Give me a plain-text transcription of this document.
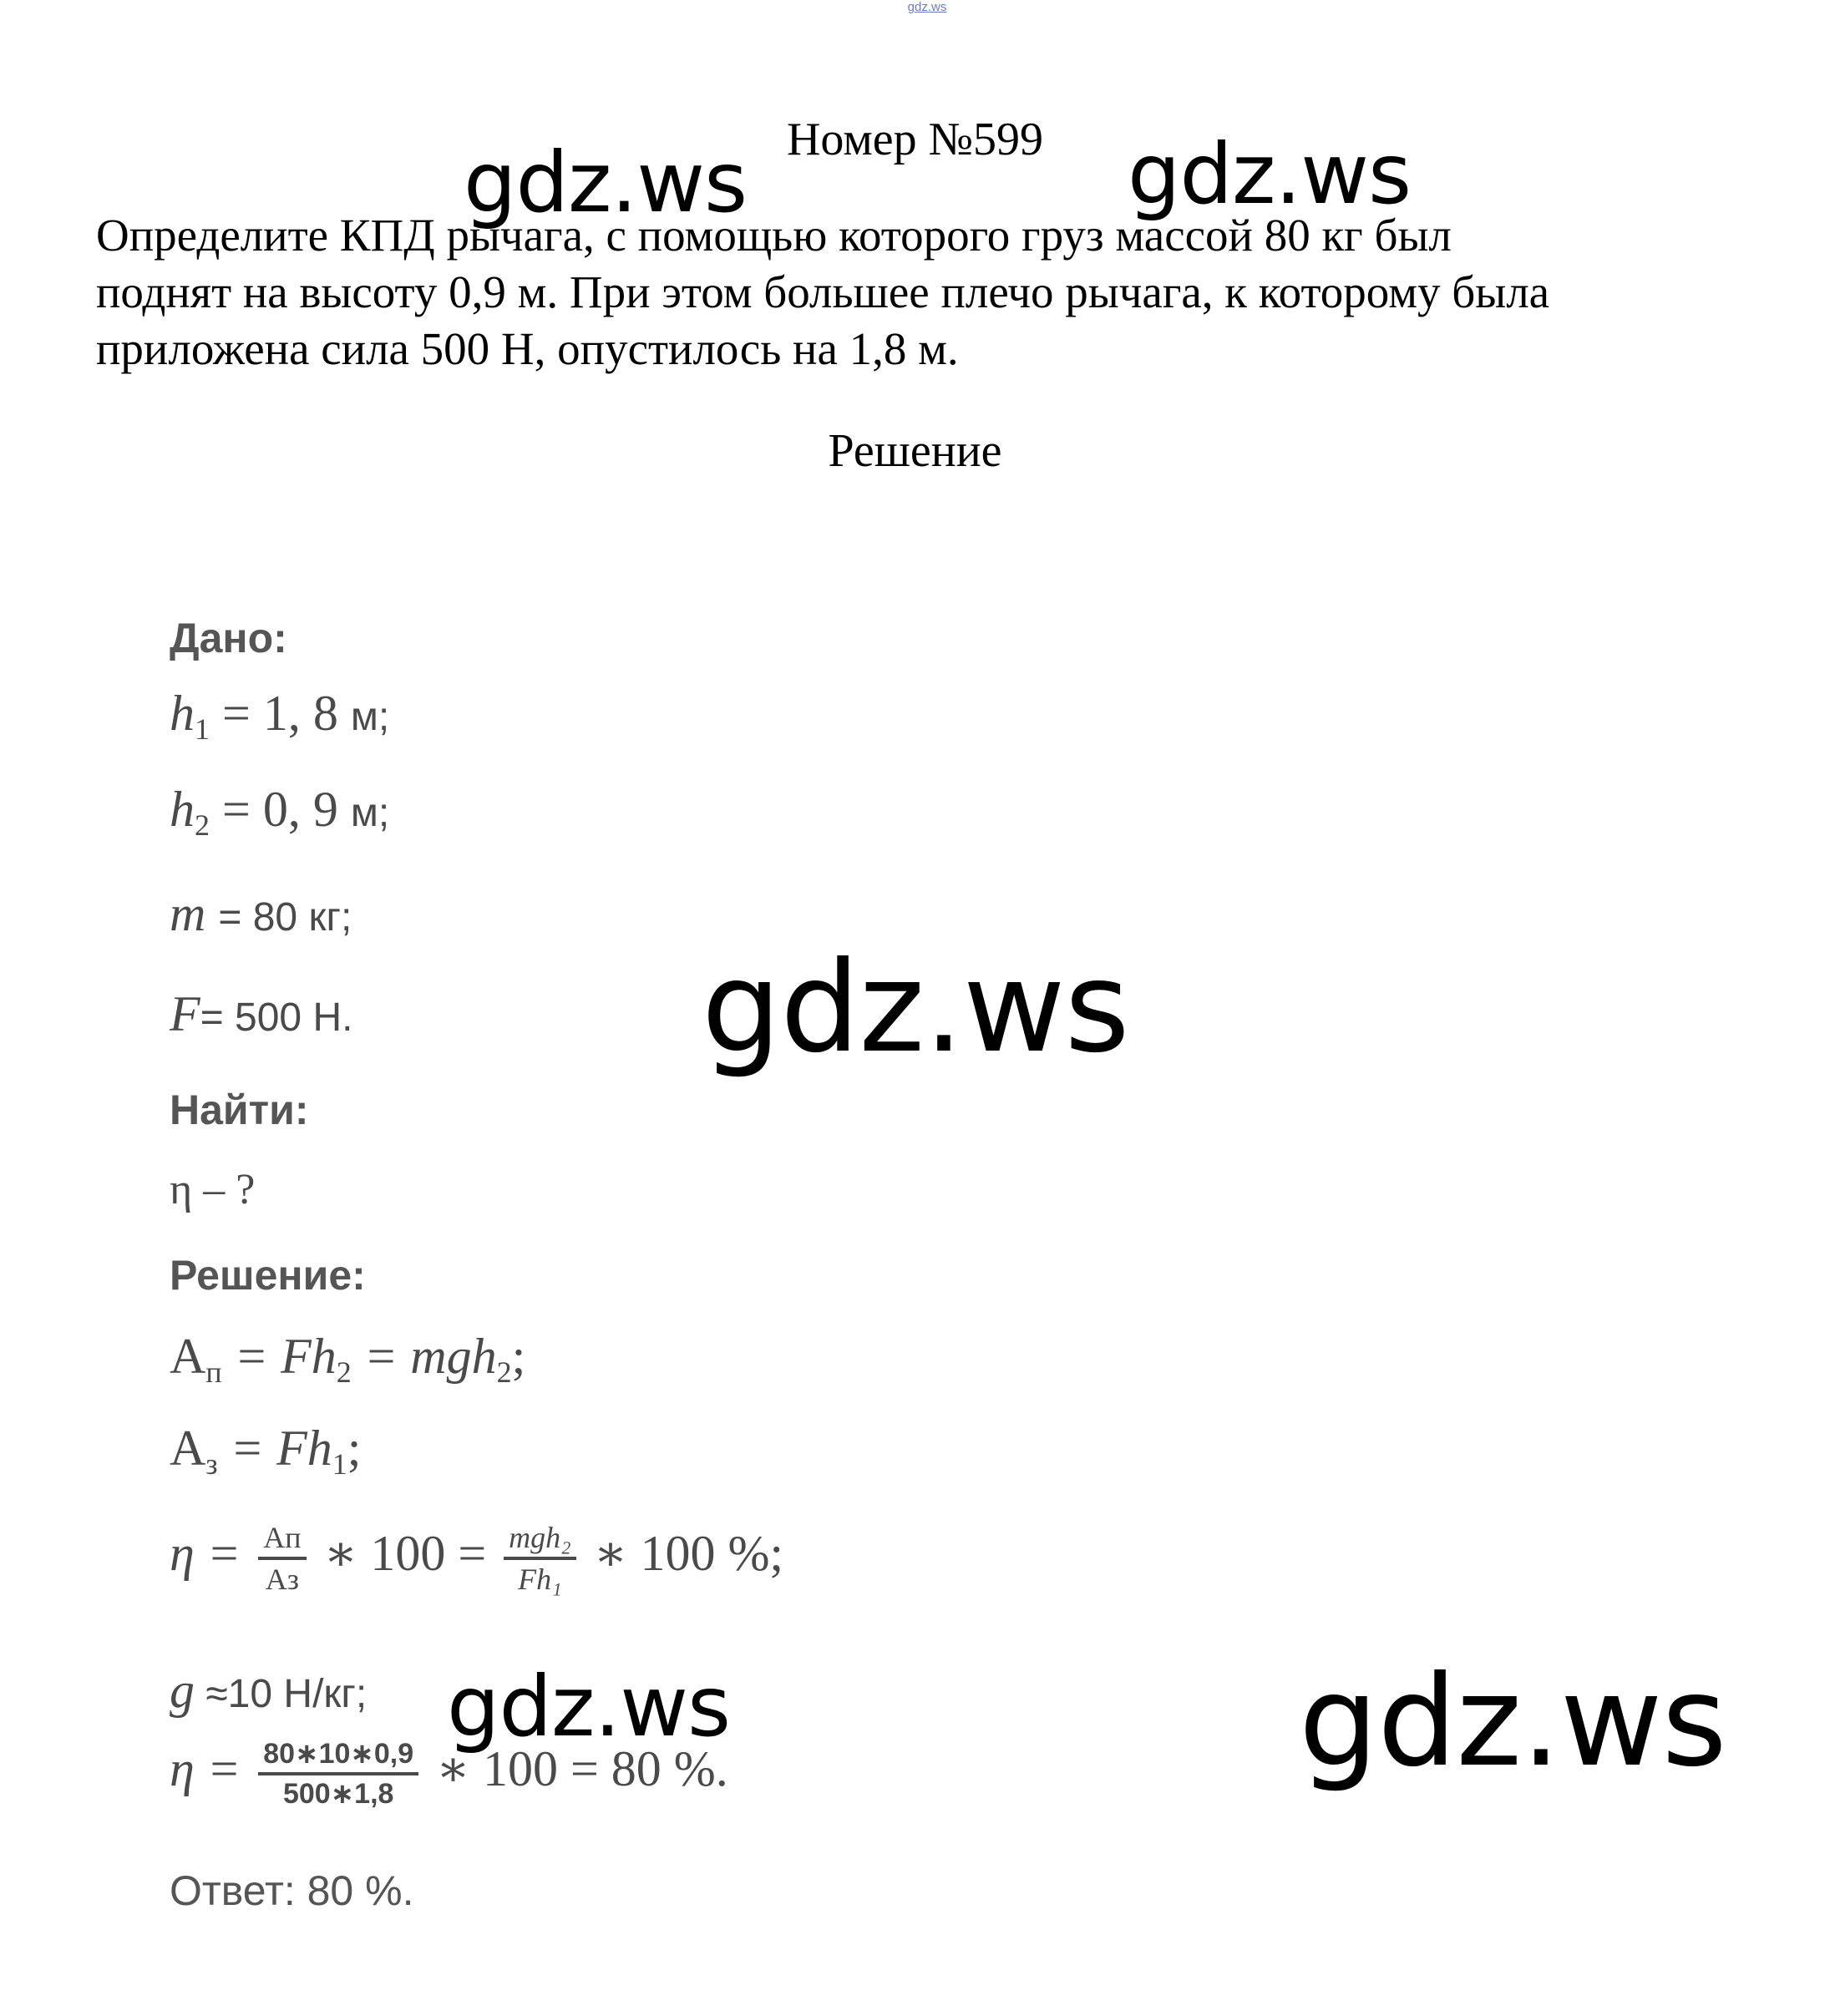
gdz.ws
Номер №599
Определите КПД рычага, с помощью которого груз массой 80 кг был
поднят на высоту 0,9 м. При этом большее плечо рычага, к которому была
приложена сила 500 Н, опустилось на 1,8 м.
Решение
Дано:
$h_1 = 1$, 8 м;
$h_2 = 0$, 9 м;
m = 80 кг;
F= 500 Н.
Найти:
η – ?
Решение:
$A_п = Fh_2 = mgh_2$;
$A_з = Fh_1$;
$\eta = \frac{Aп}{Aз}$ ∗ $100 = \frac{\text{mgh₂}}{\text{Fh₁}}$ ∗ 100 %;
g ≈10 Н/кг;
$\eta = \frac{80∗10∗0,9}{500∗1,8}$ ∗ 100 = 80 %.
Ответ: 80 %.
gdz.ws	gdz.ws
gdz.ws
gdz.ws	gdz.ws
